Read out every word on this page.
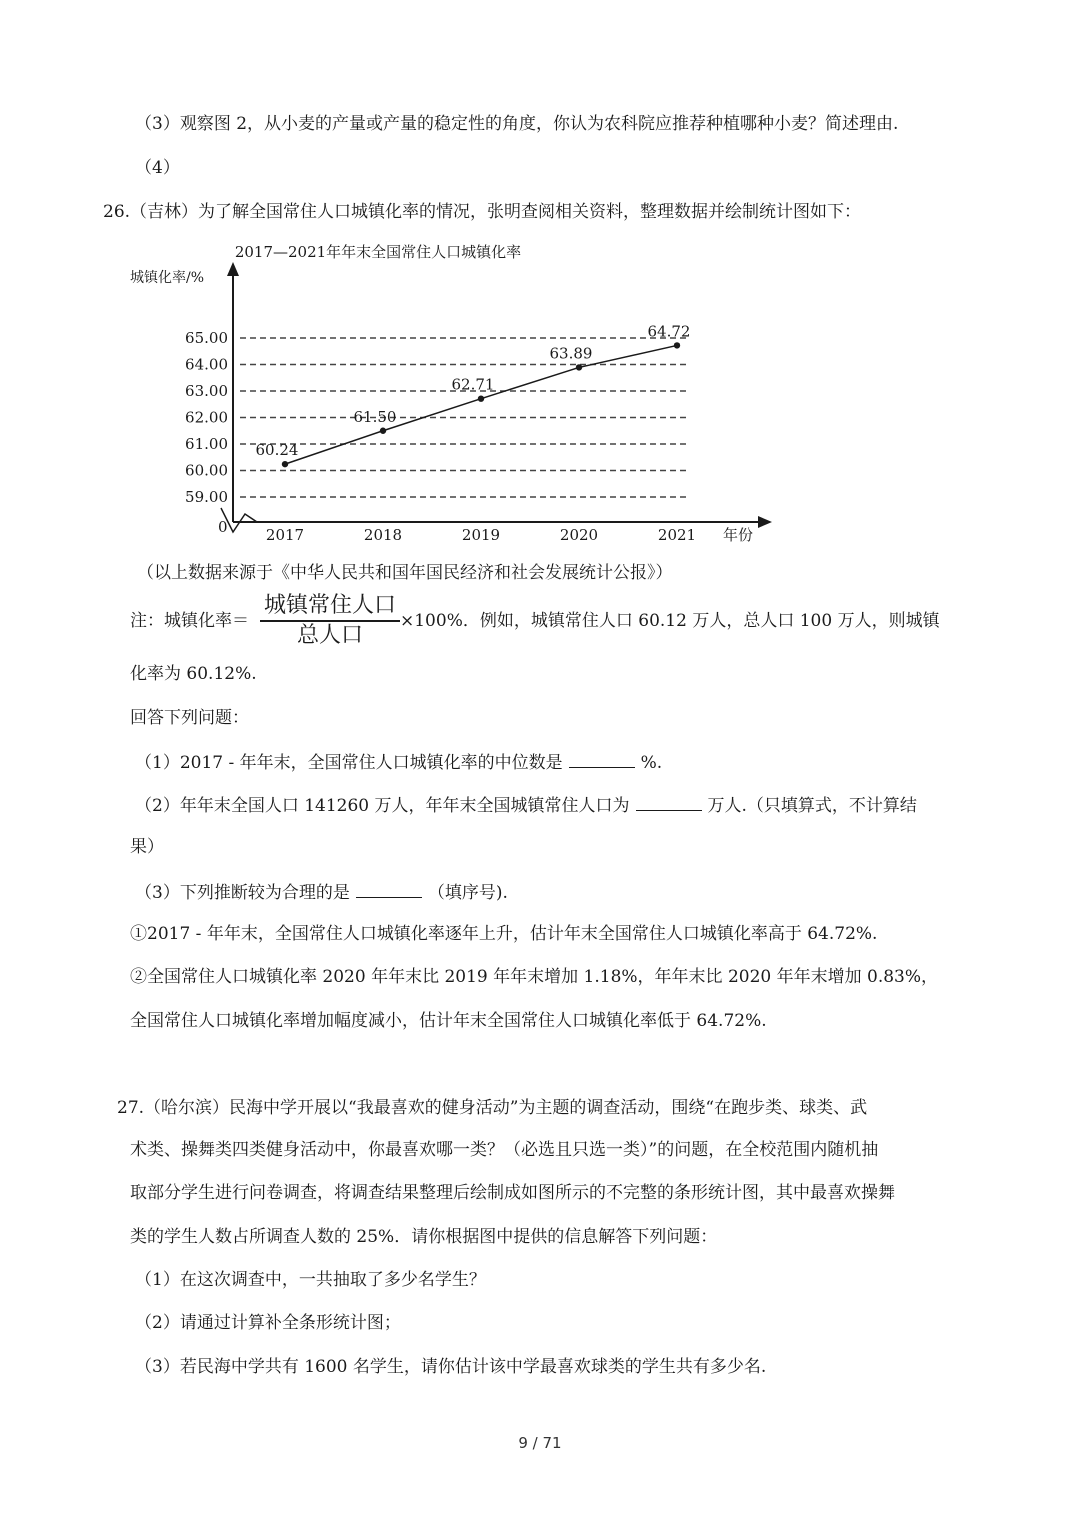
（3）观察图 2，从小麦的产量或产量的稳定性的角度，你认为农科院应推荐种植哪种小麦？简述理由.
（4）
26.（吉林）为了解全国常住人口城镇化率的情况，张明查阅相关资料，整理数据并绘制统计图如下：
2017—2021年年末全国常住人口城镇化率
城镇化率/%
0	年份
59.00
60.00
61.00
62.00
63.00
64.00
65.00
2017	2018	2019	2020	2021
60.24
61.50
62.71
63.89
64.72
（以上数据来源于《中华人民共和国年国民经济和社会发展统计公报》）
注：城镇化率＝
城镇常住人口
总人口
×100%．例如，城镇常住人口 60.12 万人，总人口 100 万人，则城镇
化率为 60.12%.
回答下列问题：
（1）2017 - 年年末，全国常住人口城镇化率的中位数是	%.
（2）年年末全国人口 141260 万人，年年末全国城镇常住人口为	万人.（只填算式，不计算结
果）
（3）下列推断较为合理的是	（填序号).
①2017 - 年年末，全国常住人口城镇化率逐年上升，估计年末全国常住人口城镇化率高于 64.72%.
②全国常住人口城镇化率 2020 年年末比 2019 年年末增加 1.18%，年年末比 2020 年年末增加 0.83%，
全国常住人口城镇化率增加幅度减小，估计年末全国常住人口城镇化率低于 64.72%.
27.（哈尔滨）民海中学开展以“我最喜欢的健身活动”为主题的调查活动，围绕“在跑步类、球类、武
术类、操舞类四类健身活动中，你最喜欢哪一类？（必选且只选一类）”的问题，在全校范围内随机抽
取部分学生进行问卷调查，将调查结果整理后绘制成如图所示的不完整的条形统计图，其中最喜欢操舞
类的学生人数占所调查人数的 25%．请你根据图中提供的信息解答下列问题：
（1）在这次调查中，一共抽取了多少名学生？
（2）请通过计算补全条形统计图；
（3）若民海中学共有 1600 名学生，请你估计该中学最喜欢球类的学生共有多少名.
9 / 71
